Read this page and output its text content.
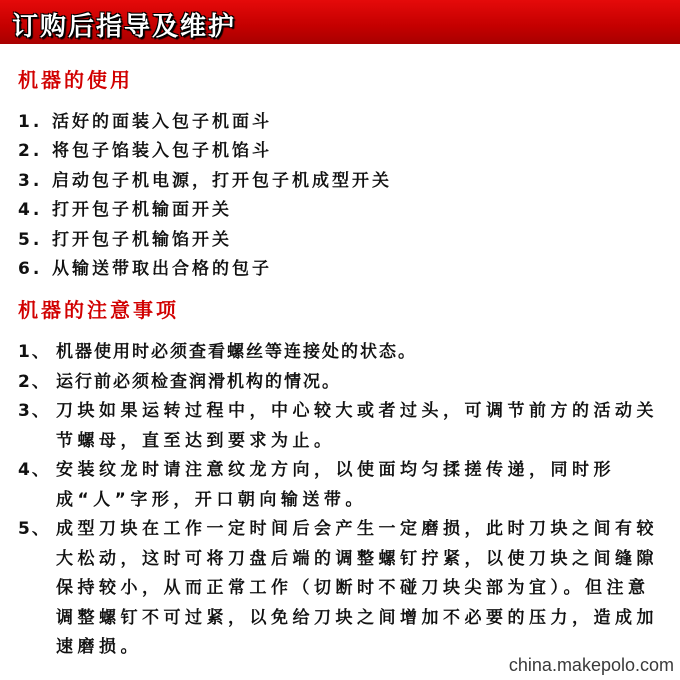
订购后指导及维护
机器的使用
1. 活好的面装入包子机面斗
2. 将包子馅装入包子机馅斗
3. 启动包子机电源，打开包子机成型开关
4. 打开包子机输面开关
5. 打开包子机输馅开关
6. 从输送带取出合格的包子
机器的注意事项
1、 机器使用时必须查看螺丝等连接处的状态。
2、 运行前必须检查润滑机构的情况。
3、 刀块如果运转过程中，中心较大或者过头，可调节前方的活动关节螺母，直至达到要求为止。
4、 安装纹龙时请注意纹龙方向，以使面均匀揉搓传递，同时形成“人”字形，开口朝向输送带。
5、 成型刀块在工作一定时间后会产生一定磨损，此时刀块之间有较大松动，这时可将刀盘后端的调整螺钉拧紧，以使刀块之间缝隙保持较小，从而正常工作（切断时不碰刀块尖部为宜）。但注意调整螺钉不可过紧，以免给刀块之间增加不必要的压力，造成加速磨损。
china.makepolo.com
